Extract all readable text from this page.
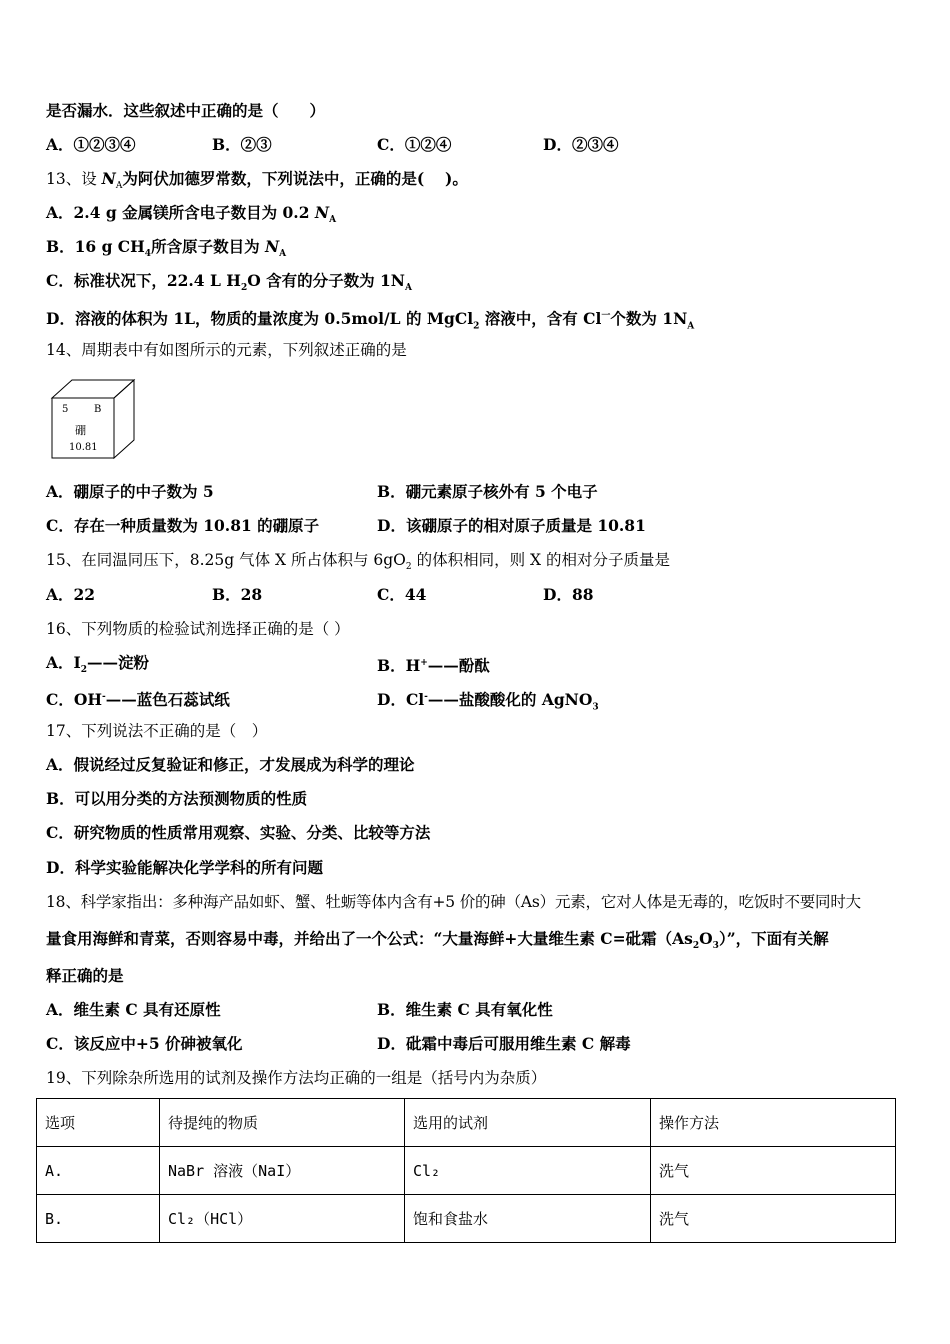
是否漏水．这些叙述中正确的是（　　）
A．①②③④	B．②③	C．①②④	D．②③④
13、设 $N_A$为阿伏加德罗常数，下列说法中，正确的是(　 )。
A．2.4 g 金属镁所含电子数目为 0.2 $N_A$
B．16 g $CH_4$所含原子数目为 $N_A$
C．标准状况下，22.4 L $H_2O$ 含有的分子数为 $1N_A$
D．溶液的体积为 1L，物质的量浓度为 0.5mol/L 的 MgCl$_2$ 溶液中，含有 $Cl^一$个数为 $1N_A$
14、周期表中有如图所示的元素，下列叙述正确的是
5	B
硼
10.81
A．硼原子的中子数为 5	B．硼元素原子核外有 5 个电子
C．存在一种质量数为 10.81 的硼原子	D．该硼原子的相对原子质量是 10.81
15、在同温同压下，8.25g 气体 X 所占体积与 $6gO_2$ 的体积相同，则 X 的相对分子质量是
A．22	B．28	C．44	D．88
16、下列物质的检验试剂选择正确的是（ ）
A．$I_2——$淀粉	B．H+——酚酞
C．OH-——蓝色石蕊试纸	D．Cl-——盐酸酸化的 AgNO$_3$
17、下列说法不正确的是（　）
A．假说经过反复验证和修正，才发展成为科学的理论
B．可以用分类的方法预测物质的性质
C．研究物质的性质常用观察、实验、分类、比较等方法
D．科学实验能解决化学学科的所有问题
18、科学家指出：多种海产品如虾、蟹、牡蛎等体内含有+5 价的砷（As）元素，它对人体是无毒的，吃饭时不要同时大
量食用海鲜和青菜，否则容易中毒，并给出了一个公式：“大量海鲜+大量维生素 C=砒霜$(As_2O_3)$”，下面有关解
释正确的是
A．维生素 C 具有还原性	B．维生素 C 具有氧化性
C．该反应中+5 价砷被氧化	D．砒霜中毒后可服用维生素 C 解毒
19、下列除杂所选用的试剂及操作方法均正确的一组是（括号内为杂质）
选项	待提纯的物质	选用的试剂	操作方法
A.	NaBr 溶液（NaI）	Cl₂	洗气
B.	Cl₂（HCl）	饱和食盐水	洗气
